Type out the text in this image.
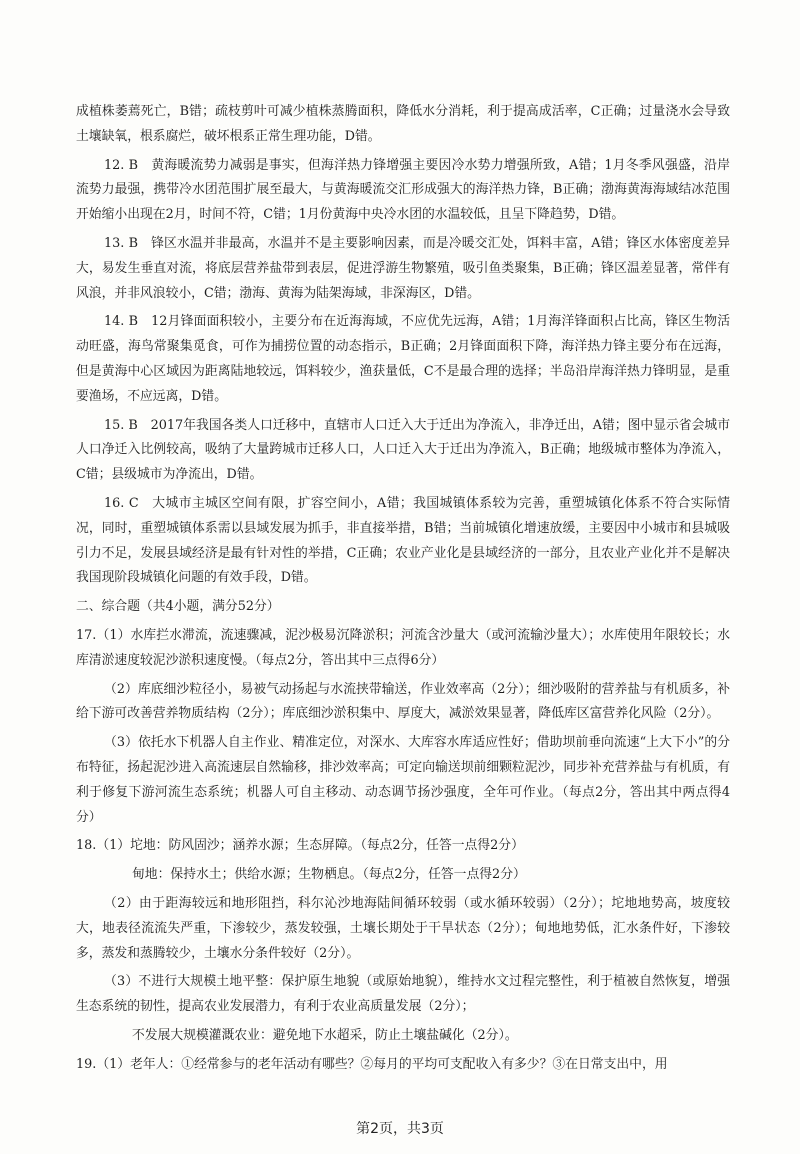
成植株萎蔫死亡，B错；疏枝剪叶可减少植株蒸腾面积，降低水分消耗，利于提高成活率，C正确；过量浇水会导致土壤缺氧，根系腐烂，破坏根系正常生理功能，D错。

12. B　黄海暖流势力减弱是事实，但海洋热力锋增强主要因冷水势力增强所致，A错；1月冬季风强盛，沿岸流势力最强，携带冷水团范围扩展至最大，与黄海暖流交汇形成强大的海洋热力锋，B正确；渤海黄海海域结冰范围开始缩小出现在2月，时间不符，C错；1月份黄海中央冷水团的水温较低，且呈下降趋势，D错。

13. B　锋区水温并非最高，水温并不是主要影响因素，而是冷暖交汇处，饵料丰富，A错；锋区水体密度差异大，易发生垂直对流，将底层营养盐带到表层，促进浮游生物繁殖，吸引鱼类聚集，B正确；锋区温差显著，常伴有风浪，并非风浪较小，C错；渤海、黄海为陆架海域，非深海区，D错。

14. B　12月锋面面积较小，主要分布在近海海域，不应优先远海，A错；1月海洋锋面积占比高，锋区生物活动旺盛，海鸟常聚集觅食，可作为捕捞位置的动态指示，B正确；2月锋面面积下降，海洋热力锋主要分布在远海，但是黄海中心区域因为距离陆地较远，饵料较少，渔获量低，C不是最合理的选择；半岛沿岸海洋热力锋明显，是重要渔场，不应远离，D错。

15. B　2017年我国各类人口迁移中，直辖市人口迁入大于迁出为净流入，非净迁出，A错；图中显示省会城市人口净迁入比例较高，吸纳了大量跨城市迁移人口，人口迁入大于迁出为净流入，B正确；地级城市整体为净流入，C错；县级城市为净流出，D错。

16. C　大城市主城区空间有限，扩容空间小，A错；我国城镇体系较为完善，重塑城镇化体系不符合实际情况，同时，重塑城镇体系需以县域发展为抓手，非直接举措，B错；当前城镇化增速放缓，主要因中小城市和县城吸引力不足，发展县域经济是最有针对性的举措，C正确；农业产业化是县域经济的一部分，且农业产业化并不是解决我国现阶段城镇化问题的有效手段，D错。

二、综合题（共4小题，满分52分）

17.（1）水库拦水滞流，流速骤减，泥沙极易沉降淤积；河流含沙量大（或河流输沙量大）；水库使用年限较长；水库清淤速度较泥沙淤积速度慢。（每点2分，答出其中三点得6分）

（2）库底细沙粒径小，易被气动扬起与水流挟带输送，作业效率高（2分）；细沙吸附的营养盐与有机质多，补给下游可改善营养物质结构（2分）；库底细沙淤积集中、厚度大，减淤效果显著，降低库区富营养化风险（2分）。

（3）依托水下机器人自主作业、精准定位，对深水、大库容水库适应性好；借助坝前垂向流速“上大下小”的分布特征，扬起泥沙进入高流速层自然输移，排沙效率高；可定向输送坝前细颗粒泥沙，同步补充营养盐与有机质，有利于修复下游河流生态系统；机器人可自主移动、动态调节扬沙强度，全年可作业。（每点2分，答出其中两点得4分）

18.（1）坨地：防风固沙；涵养水源；生态屏障。（每点2分，任答一点得2分）

甸地：保持水土；供给水源；生物栖息。（每点2分，任答一点得2分）

（2）由于距海较远和地形阻挡，科尔沁沙地海陆间循环较弱（或水循环较弱）（2分）；坨地地势高，坡度较大，地表径流流失严重，下渗较少，蒸发较强，土壤长期处于干旱状态（2分）；甸地地势低，汇水条件好，下渗较多，蒸发和蒸腾较少，土壤水分条件较好（2分）。

（3）不进行大规模土地平整：保护原生地貌（或原始地貌），维持水文过程完整性，利于植被自然恢复，增强生态系统的韧性，提高农业发展潜力，有利于农业高质量发展（2分）；

不发展大规模灌溉农业：避免地下水超采，防止土壤盐碱化（2分）。

19.（1）老年人：①经常参与的老年活动有哪些？②每月的平均可支配收入有多少？③在日常支出中，用

第2页，共3页
